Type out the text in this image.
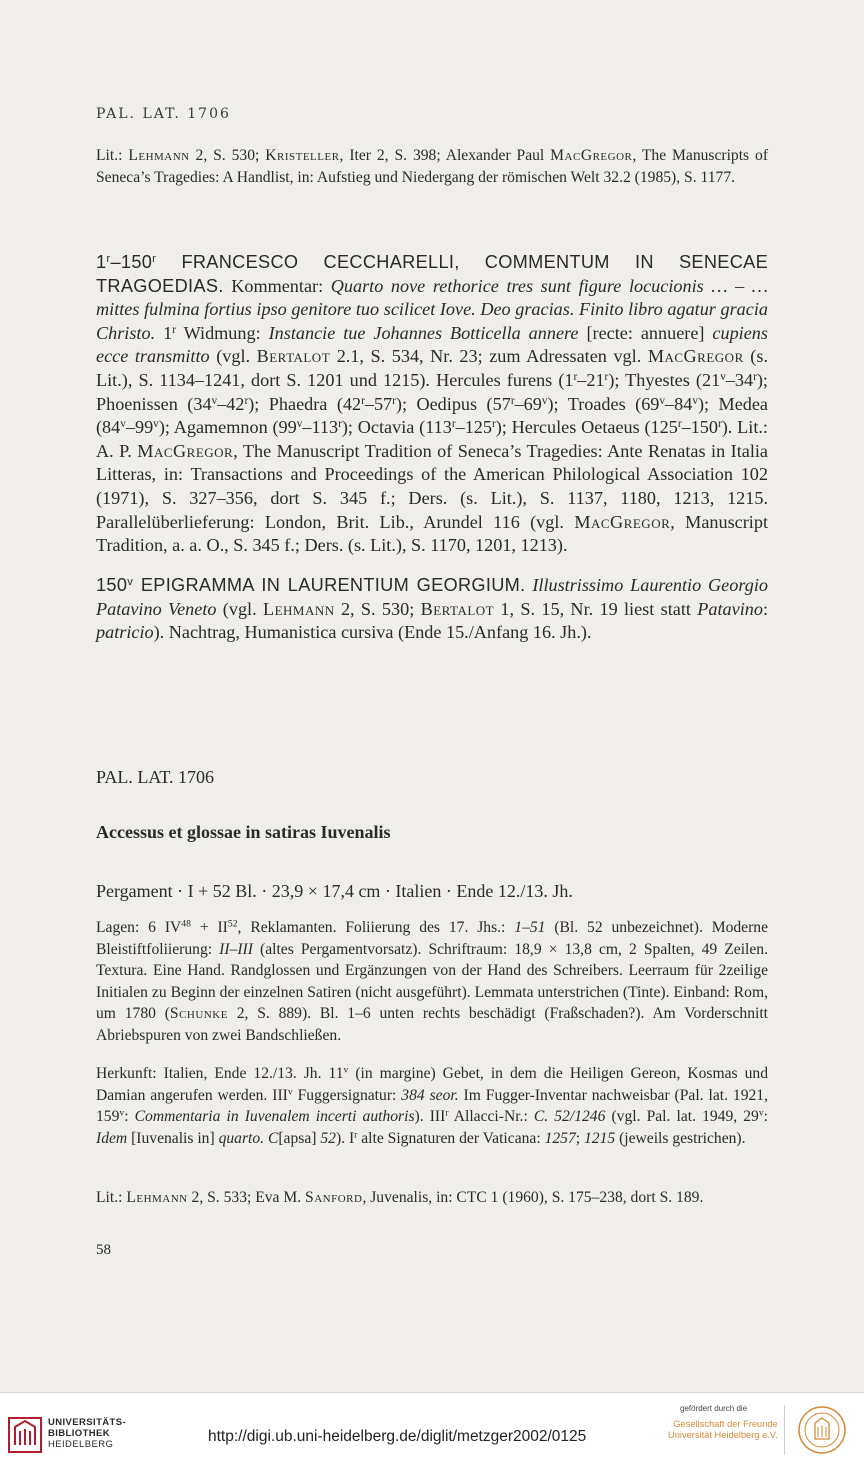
PAL. LAT. 1706
Lit.: Lehmann 2, S. 530; Kristeller, Iter 2, S. 398; Alexander Paul MacGregor, The Manuscripts of Seneca’s Tragedies: A Handlist, in: Aufstieg und Niedergang der römischen Welt 32.2 (1985), S. 1177.
1$^r$–150$^r$ FRANCESCO CECCHARELLI, COMMENTUM IN SENECAE TRAGOEDIAS. Kommentar: Quarto nove rethorice tres sunt figure locucionis … – … mittes fulmina fortius ipso genitore tuo scilicet Iove. Deo gracias. Finito libro agatur gracia Christo. 1$^r$ Widmung: Instancie tue Johannes Botticella annere [recte: annuere] cupiens ecce transmitto (vgl. Bertalot 2.1, S. 534, Nr. 23; zum Adressaten vgl. MacGregor (s. Lit.), S. 1134–1241, dort S. 1201 und 1215). Hercules furens (1$^r$–21$^r$); Thyestes (21$^v$–34$^r$); Phoenissen (34$^v$–42$^r$); Phaedra (42$^r$–57$^r$); Oedipus (57$^r$–69$^v$); Troades (69$^v$–84$^v$); Medea (84$^v$–99$^v$); Agamemnon (99$^v$–113$^r$); Octavia (113$^r$–125$^r$); Hercules Oetaeus (125$^r$–150$^r$). Lit.: A. P. MacGregor, The Manuscript Tradition of Seneca’s Tragedies: Ante Renatas in Italia Litteras, in: Transactions and Proceedings of the American Philological Association 102 (1971), S. 327–356, dort S. 345 f.; Ders. (s. Lit.), S. 1137, 1180, 1213, 1215. Parallelüberlieferung: London, Brit. Lib., Arundel 116 (vgl. MacGregor, Manuscript Tradition, a. a. O., S. 345 f.; Ders. (s. Lit.), S. 1170, 1201, 1213).
150$^v$ EPIGRAMMA IN LAURENTIUM GEORGIUM. Illustrissimo Laurentio Georgio Patavino Veneto (vgl. Lehmann 2, S. 530; Bertalot 1, S. 15, Nr. 19 liest statt Patavino: patricio). Nachtrag, Humanistica cursiva (Ende 15./Anfang 16. Jh.).
PAL. LAT. 1706
Accessus et glossae in satiras Iuvenalis
Pergament · I + 52 Bl. · 23,9 × 17,4 cm · Italien · Ende 12./13. Jh.
Lagen: 6 $IV^{48} + II^{52}$, Reklamanten. Foliierung des 17. Jhs.: 1–51 (Bl. 52 unbezeichnet). Moderne Bleistiftfoliierung: II–III (altes Pergamentvorsatz). Schriftraum: 18,9 × 13,8 cm, 2 Spalten, 49 Zeilen. Textura. Eine Hand. Randglossen und Ergänzungen von der Hand des Schreibers. Leerraum für 2zeilige Initialen zu Beginn der einzelnen Satiren (nicht ausgeführt). Lemmata unterstrichen (Tinte). Einband: Rom, um 1780 (Schunke 2, S. 889). Bl. 1–6 unten rechts beschädigt (Fraßschaden?). Am Vorderschnitt Abriebspuren von zwei Bandschließen.
Herkunft: Italien, Ende 12./13. Jh. 11$^v$ (in margine) Gebet, in dem die Heiligen Gereon, Kosmas und Damian angerufen werden. III$^v$ Fuggersignatur: 384 seor. Im Fugger-Inventar nachweisbar (Pal. lat. 1921, 159$^v$: Commentaria in Iuvenalem incerti authoris). III$^r$ Allacci-Nr.: C. 52/1246 (vgl. Pal. lat. 1949, 29$^v$: Idem [Iuvenalis in] quarto. C[apsa] 52). $I^r$ alte Signaturen der Vaticana: 1257; 1215 (jeweils gestrichen).
Lit.: Lehmann 2, S. 533; Eva M. Sanford, Juvenalis, in: CTC 1 (1960), S. 175–238, dort S. 189.
58
UNIVERSITÄTS-
BIBLIOTHEK
HEIDELBERG	http://digi.ub.uni-heidelberg.de/diglit/metzger2002/0125
gefördert durch die
Gesellschaft der Freunde
Universität Heidelberg e.V.
